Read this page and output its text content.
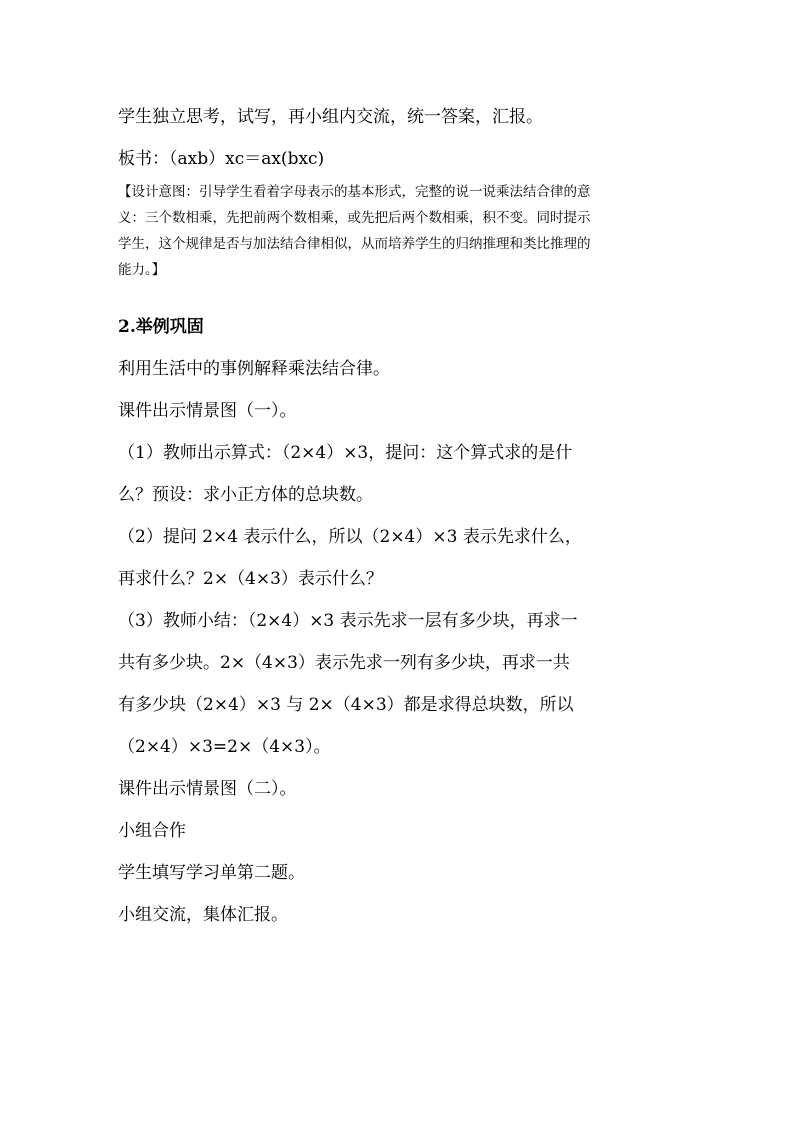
学生独立思考，试写，再小组内交流，统一答案，汇报。

板书：（axb）xc＝ax(bxc)

【设计意图：引导学生看着字母表示的基本形式，完整的说一说乘法结合律的意
义：三个数相乘，先把前两个数相乘，或先把后两个数相乘，积不变。同时提示
学生，这个规律是否与加法结合律相似，从而培养学生的归纳推理和类比推理的
能力。】
2.举例巩固
利用生活中的事例解释乘法结合律。
课件出示情景图（一）。
（1）教师出示算式：（2×4）×3，提问：这个算式求的是什
么？预设：求小正方体的总块数。
（2）提问 2×4 表示什么，所以（2×4）×3 表示先求什么，
再求什么？2×（4×3）表示什么？
（3）教师小结：（2×4）×3 表示先求一层有多少块，再求一
共有多少块。2×（4×3）表示先求一列有多少块，再求一共
有多少块（2×4）×3 与 2×（4×3）都是求得总块数，所以
（2×4）×3=2×（4×3）。
课件出示情景图（二）。
小组合作
学生填写学习单第二题。
小组交流，集体汇报。
